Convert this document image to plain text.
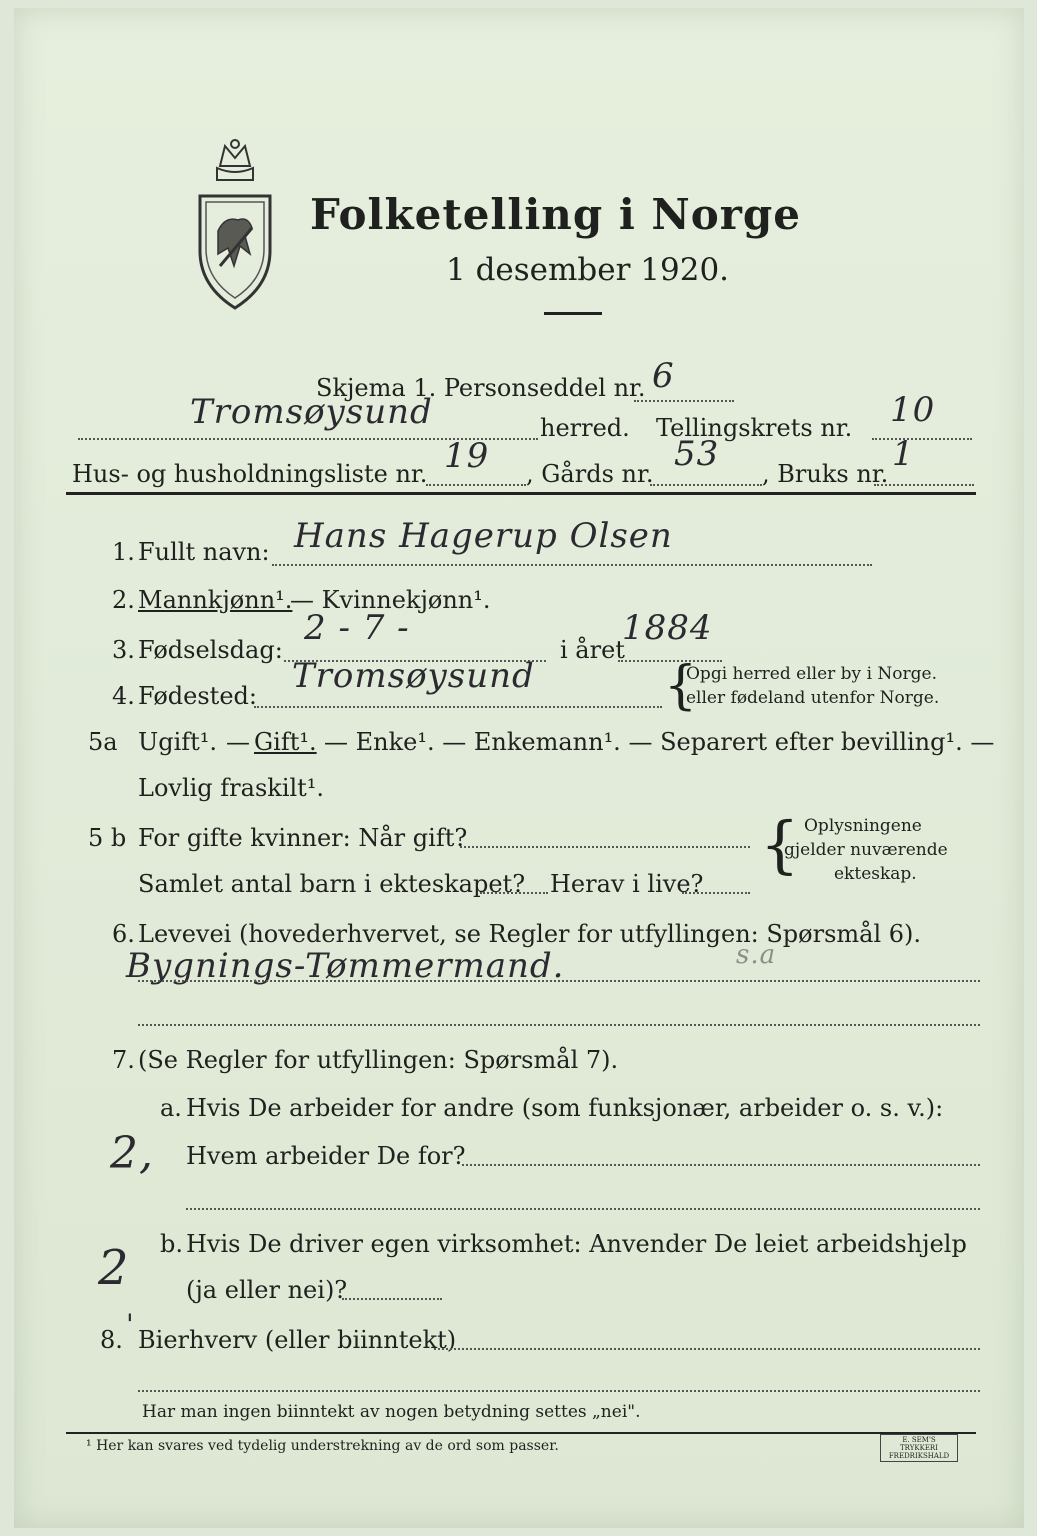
Folketelling i Norge
1 desember 1920.
Skjema 1. Personseddel nr. 6
Tromsøysund	herred. Tellingskrets nr. 10
Hus- og husholdningsliste nr. 19 , Gårds nr. 53 , Bruks nr. 1
1. Fullt navn: Hans Hagerup Olsen
2. Mannkjønn¹.
— Kvinnekjønn¹.
3. Fødselsdag:
2 - 7 -
i året
1884
4. Fødested: Tromsøysund {
Opgi herred eller by i Norge.
eller fødeland utenfor Norge.
5a Ugift¹. — Gift¹. — Enke¹. — Enkemann¹. — Separert efter bevilling¹. —
Lovlig fraskilt¹.
5 b For gifte kvinner: Når gift?
Samlet antal barn i ekteskapet? Herav i live?
{ Oplysningene
gjelder nuværende
ekteskap.
6. Levevei (hovederhvervet, se Regler for utfyllingen: Spørsmål 6).
Bygnings-Tømmermand.	s.a
7. (Se Regler for utfyllingen: Spørsmål 7).
a. Hvis De arbeider for andre (som funksjonær, arbeider o. s. v.):
2, Hvem arbeider De for?
b. Hvis De driver egen virksomhet: Anvender De leiet arbeidshjelp
2 (ja eller nei)?
8. ' Bierhverv (eller biinntekt)
Har man ingen biinntekt av nogen betydning settes „nei".
¹ Her kan svares ved tydelig understrekning av de ord som passer.	E. SEM'S TRYKKERI FREDRIKSHALD
